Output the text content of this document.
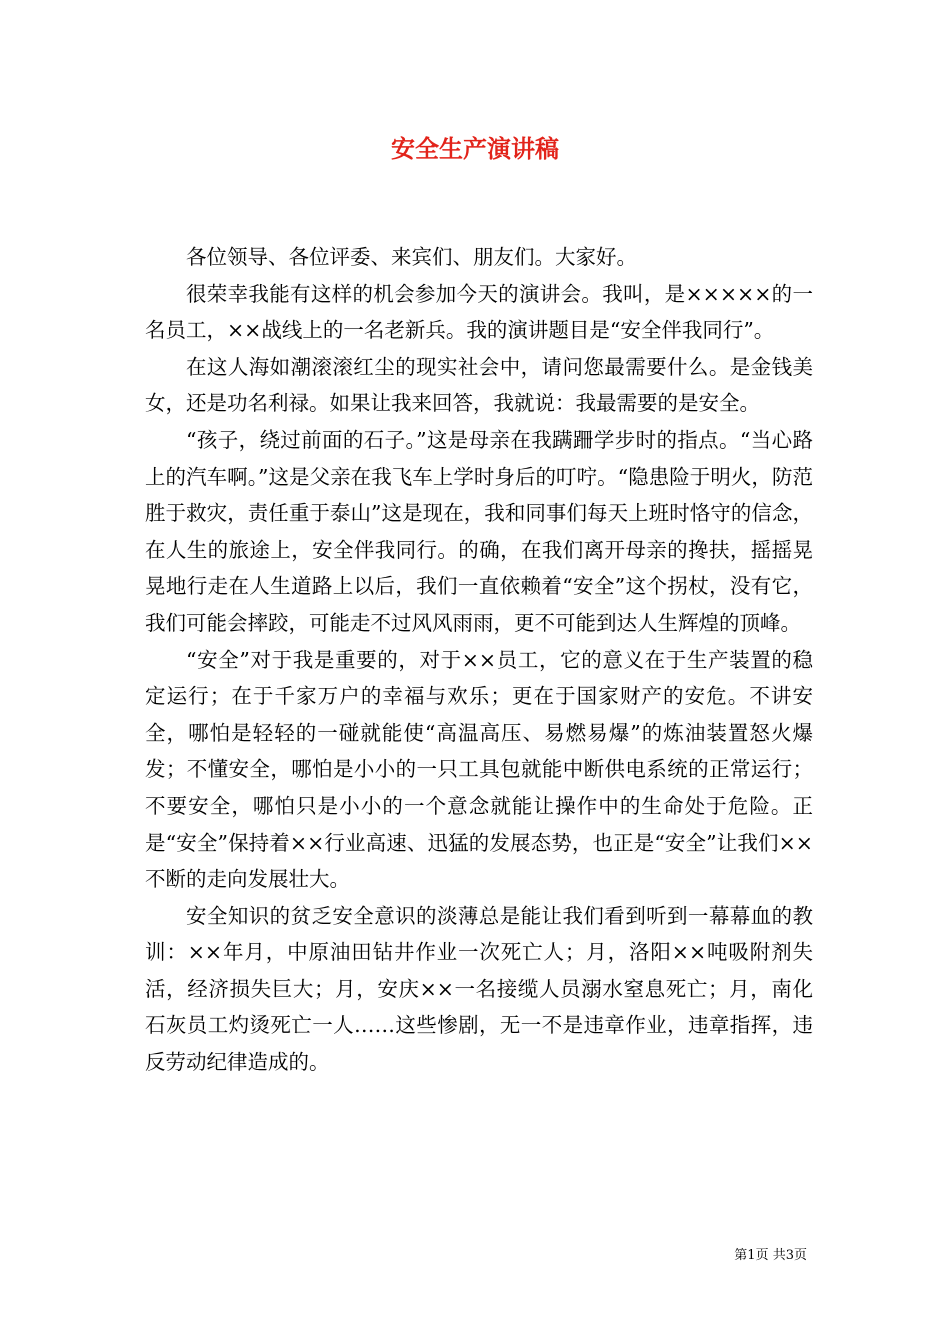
安全生产演讲稿

各位领导、各位评委、来宾们、朋友们。大家好。

很荣幸我能有这样的机会参加今天的演讲会。我叫，是×××××的一名员工，××战线上的一名老新兵。我的演讲题目是“安全伴我同行”。

在这人海如潮滚滚红尘的现实社会中，请问您最需要什么。是金钱美女，还是功名利禄。如果让我来回答，我就说：我最需要的是安全。

“孩子，绕过前面的石子。”这是母亲在我蹒跚学步时的指点。“当心路上的汽车啊。”这是父亲在我飞车上学时身后的叮咛。“隐患险于明火，防范胜于救灾，责任重于泰山”这是现在，我和同事们每天上班时恪守的信念，在人生的旅途上，安全伴我同行。的确，在我们离开母亲的搀扶，摇摇晃晃地行走在人生道路上以后，我们一直依赖着“安全”这个拐杖，没有它，我们可能会摔跤，可能走不过风风雨雨，更不可能到达人生辉煌的顶峰。

“安全”对于我是重要的，对于××员工，它的意义在于生产装置的稳定运行；在于千家万户的幸福与欢乐；更在于国家财产的安危。不讲安全，哪怕是轻轻的一碰就能使“高温高压、易燃易爆”的炼油装置怒火爆发；不懂安全，哪怕是小小的一只工具包就能中断供电系统的正常运行；不要安全，哪怕只是小小的一个意念就能让操作中的生命处于危险。正是“安全”保持着××行业高速、迅猛的发展态势，也正是“安全”让我们××不断的走向发展壮大。

安全知识的贫乏安全意识的淡薄总是能让我们看到听到一幕幕血的教训：××年月，中原油田钻井作业一次死亡人；月，洛阳××吨吸附剂失活，经济损失巨大；月，安庆××一名接缆人员溺水窒息死亡；月，南化石灰员工灼烫死亡一人……这些惨剧，无一不是违章作业，违章指挥，违反劳动纪律造成的。

第1页 共3页
